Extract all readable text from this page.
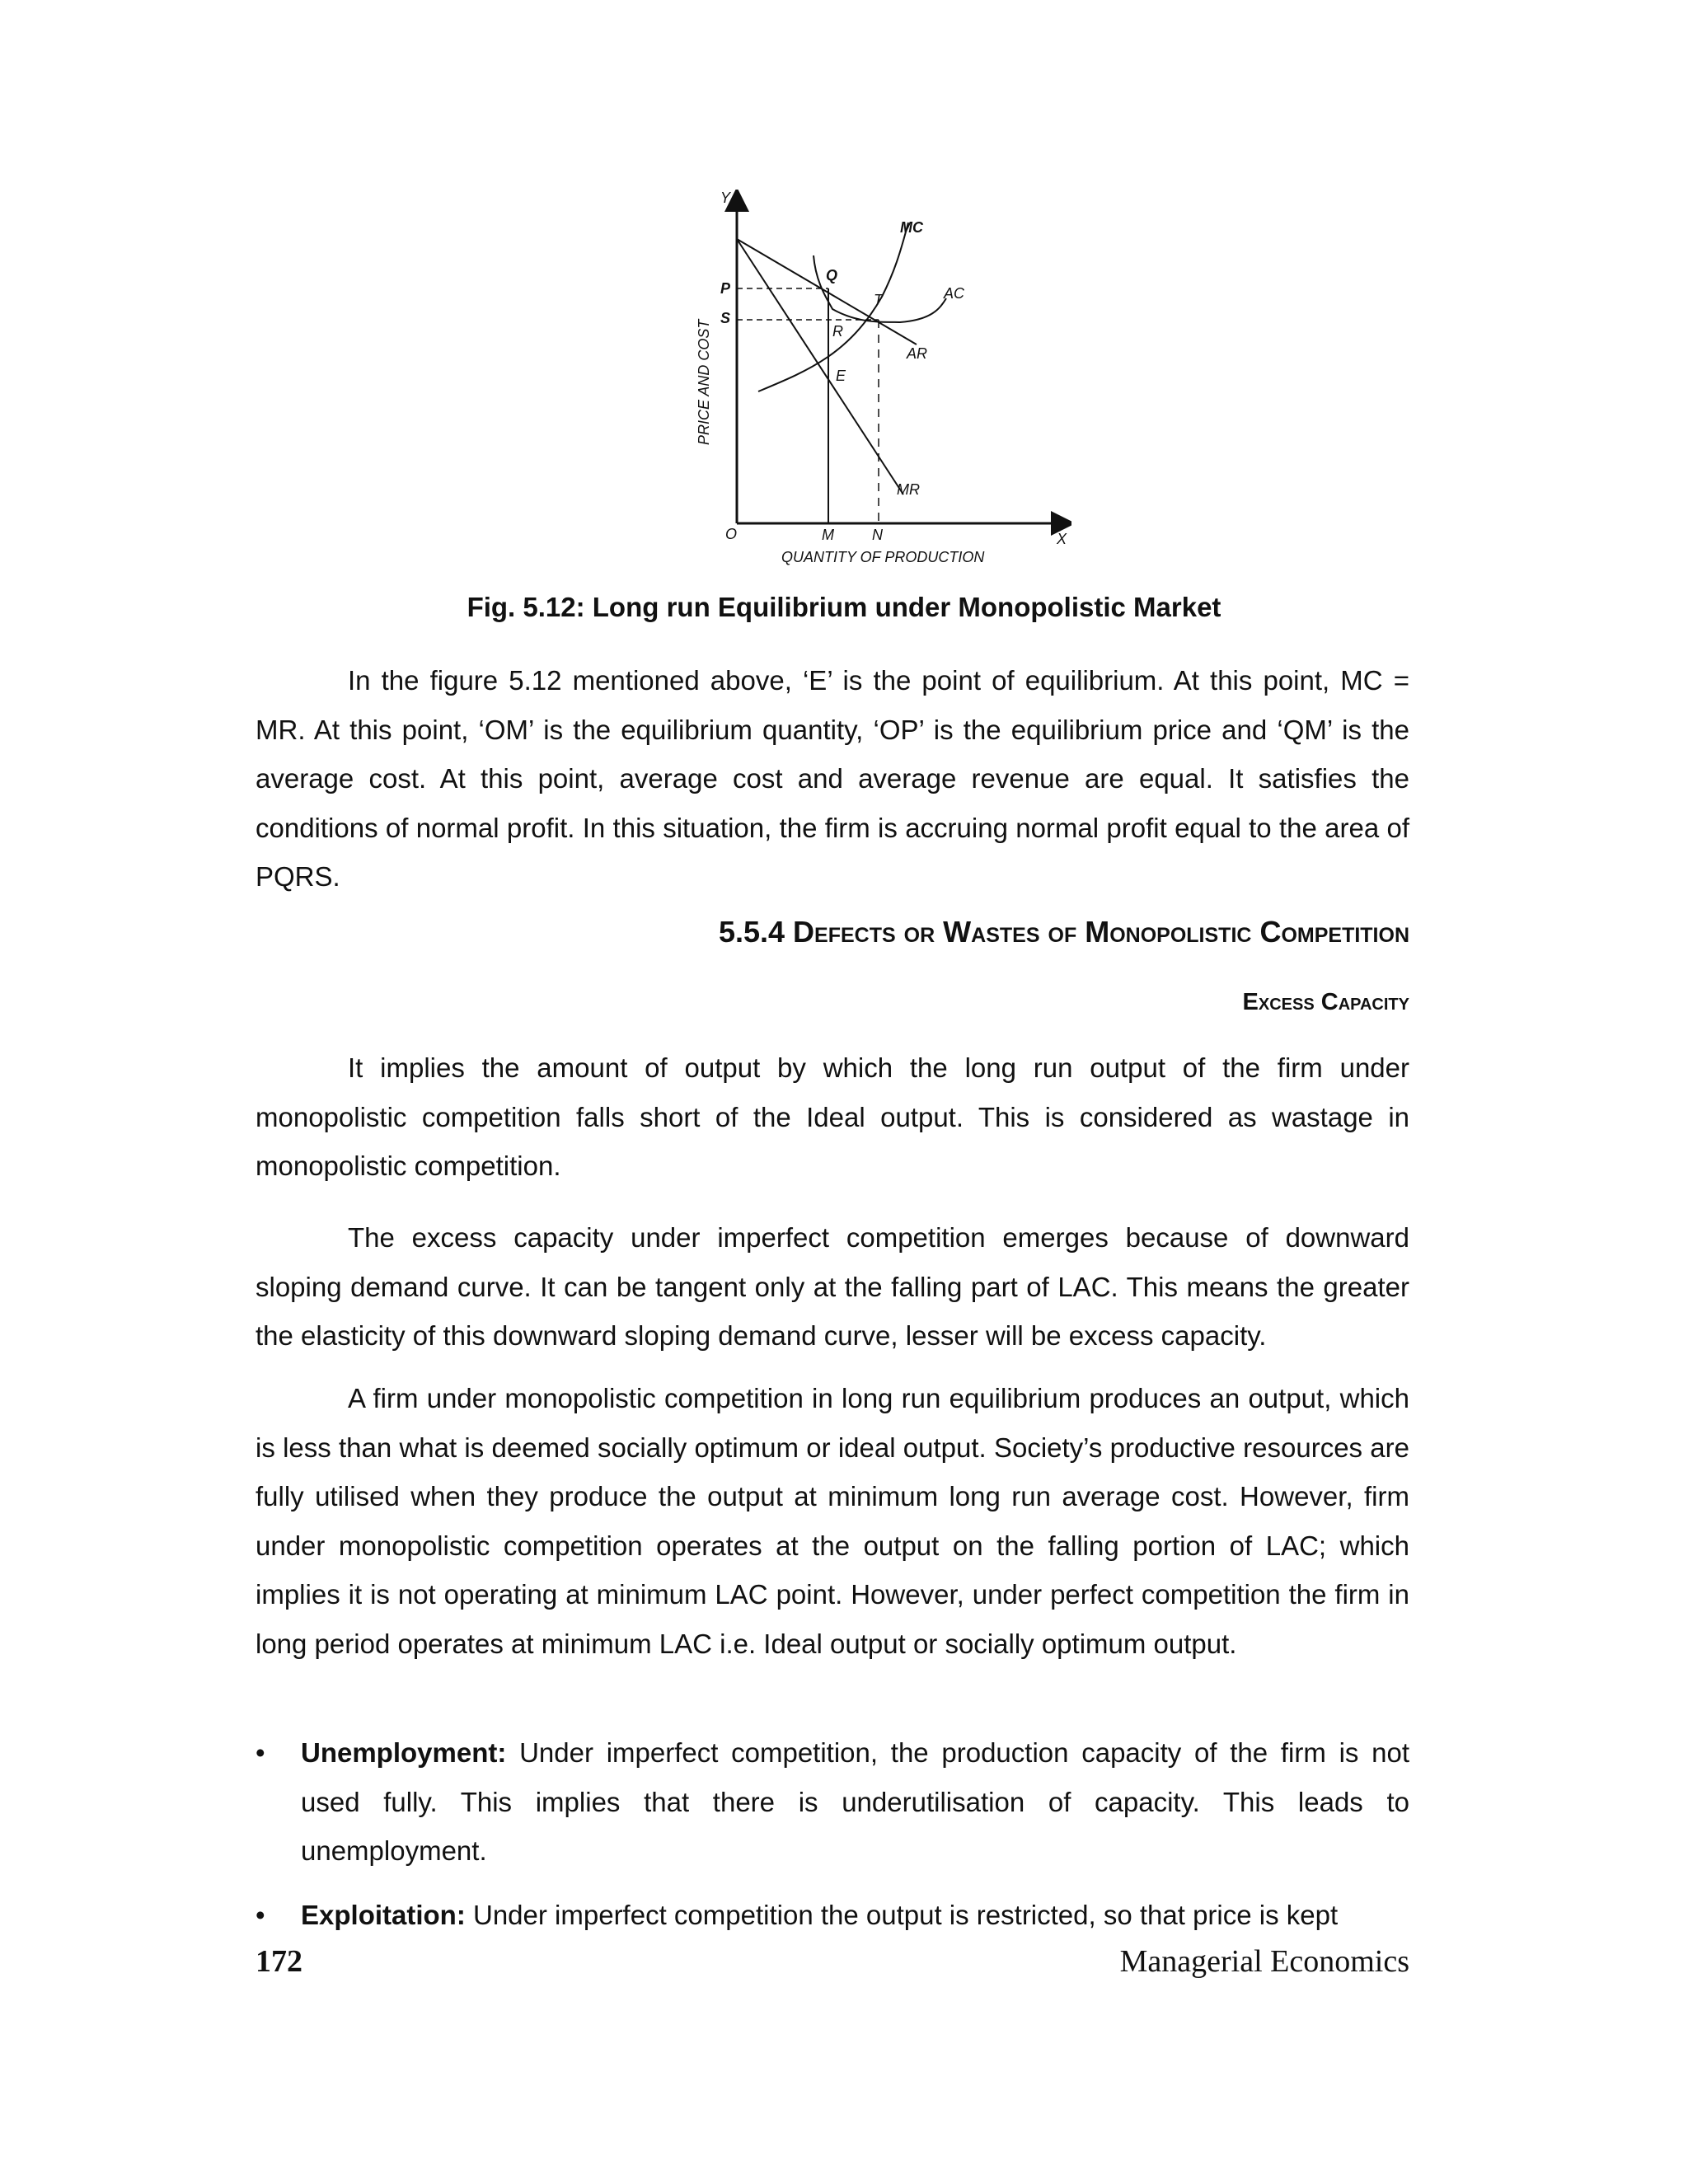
Y
X
O
PRICE AND COST
QUANTITY OF PRODUCTION
MC
AC
AR
MR
P
S
Q
T
R
E
M	N
Fig. 5.12: Long run Equilibrium under Monopolistic Market

In the figure 5.12 mentioned above, ‘E’ is the point of equilibrium. At this point, MC = MR. At this point, ‘OM’ is the equilibrium quantity, ‘OP’ is the equilibrium price and ‘QM’ is the average cost. At this point, average cost and average revenue are equal. It satisfies the conditions of normal profit. In this situation, the firm is accruing normal profit equal to the area of PQRS.

5.5.4 Defects or Wastes of Monopolistic Competition
Excess Capacity

It implies the amount of output by which the long run output of the firm under monopolistic competition falls short of the Ideal output. This is considered as wastage in monopolistic competition.

The excess capacity under imperfect competition emerges because of downward sloping demand curve. It can be tangent only at the falling part of LAC. This means the greater the elasticity of this downward sloping demand curve, lesser will be excess capacity.

A firm under monopolistic competition in long run equilibrium produces an output, which is less than what is deemed socially optimum or ideal output. Society’s productive resources are fully utilised when they produce the output at minimum long run average cost. However, firm under monopolistic competition operates at the output on the falling portion of LAC; which implies it is not operating at minimum LAC point. However, under perfect competition the firm in long period operates at minimum LAC i.e. Ideal output or socially optimum output.

• Unemployment: Under imperfect competition, the production capacity of the firm is not used fully. This implies that there is underutilisation of capacity. This leads to unemployment.
• Exploitation: Under imperfect competition the output is restricted, so that price is kept
172	Managerial Economics
